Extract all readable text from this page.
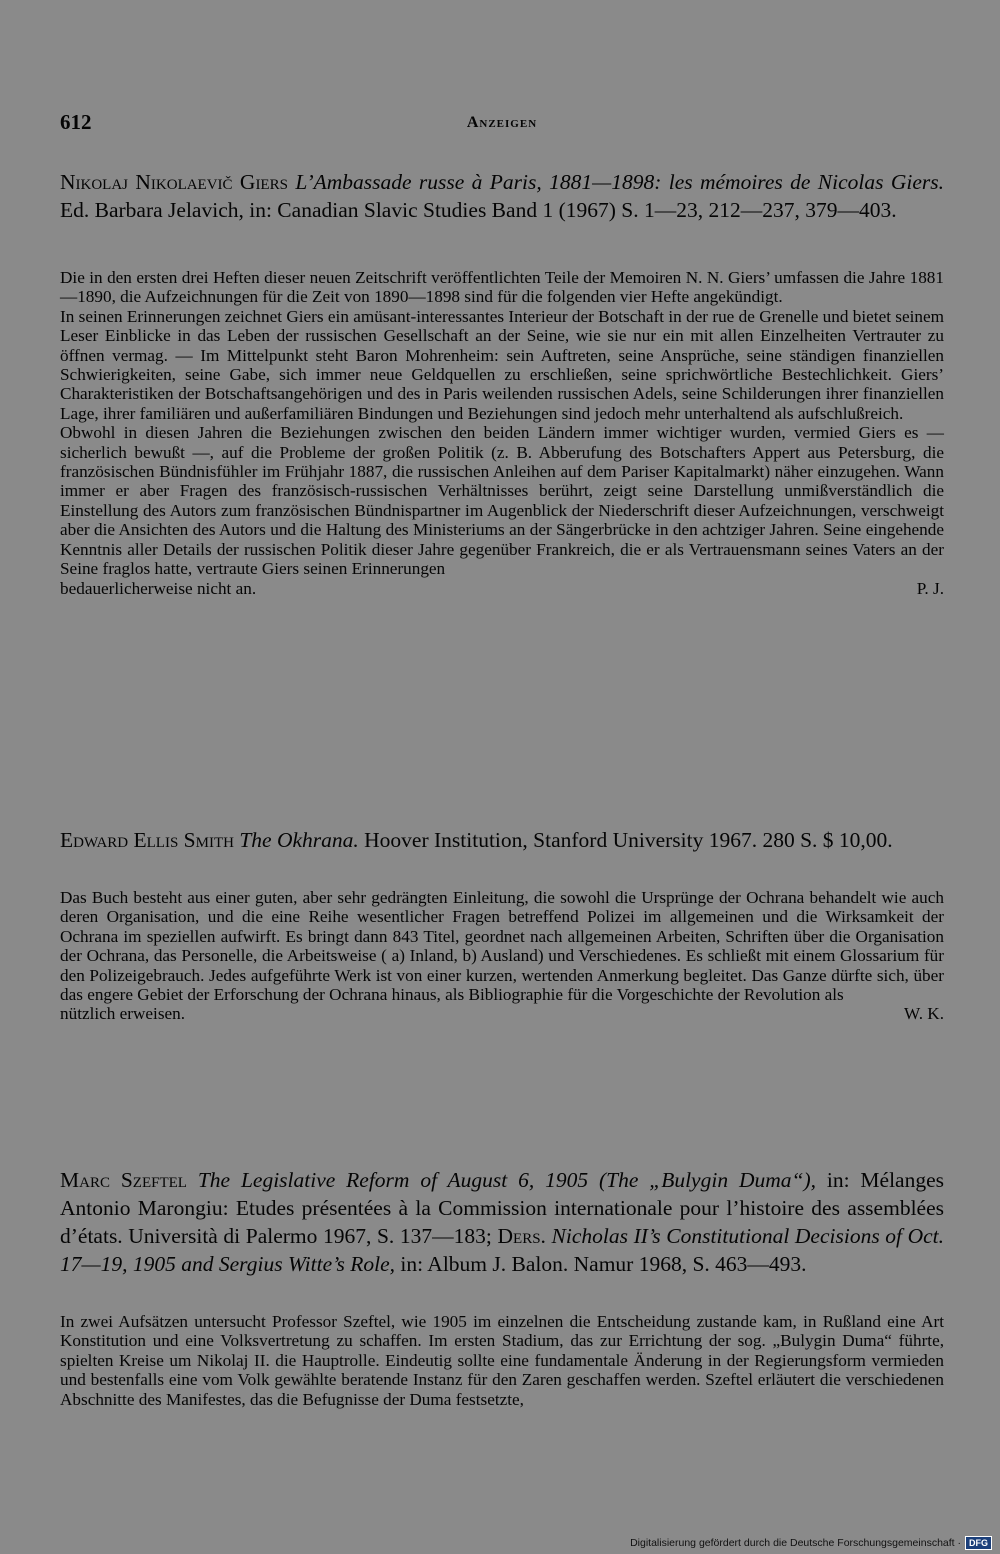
612	Anzeigen

Nikolaj Nikolaevič Giers L’Ambassade russe à Paris, 1881—1898: les mémoires de Nicolas Giers. Ed. Barbara Jelavich, in: Canadian Slavic Studies Band 1 (1967) S. 1—23, 212—237, 379—403.

Die in den ersten drei Heften dieser neuen Zeitschrift veröffentlichten Teile der Memoiren N. N. Giers’ umfassen die Jahre 1881—1890, die Aufzeichnungen für die Zeit von 1890—1898 sind für die folgenden vier Hefte angekündigt.

In seinen Erinnerungen zeichnet Giers ein amüsant-interessantes Interieur der Botschaft in der rue de Grenelle und bietet seinem Leser Einblicke in das Leben der russischen Gesellschaft an der Seine, wie sie nur ein mit allen Einzelheiten Vertrauter zu öffnen vermag. — Im Mittelpunkt steht Baron Mohrenheim: sein Auftreten, seine Ansprüche, seine ständigen finanziellen Schwierigkeiten, seine Gabe, sich immer neue Geldquellen zu erschließen, seine sprichwörtliche Bestechlichkeit. Giers’ Charakteristiken der Botschaftsangehörigen und des in Paris weilenden russischen Adels, seine Schilderungen ihrer finanziellen Lage, ihrer familiären und außerfamiliären Bindungen und Beziehungen sind jedoch mehr unterhaltend als aufschlußreich.

Obwohl in diesen Jahren die Beziehungen zwischen den beiden Ländern immer wichtiger wurden, vermied Giers es — sicherlich bewußt —, auf die Probleme der großen Politik (z. B. Abberufung des Botschafters Appert aus Petersburg, die französischen Bündnisfühler im Frühjahr 1887, die russischen Anleihen auf dem Pariser Kapitalmarkt) näher einzugehen. Wann immer er aber Fragen des französisch-russischen Verhältnisses berührt, zeigt seine Darstellung unmißverständlich die Einstellung des Autors zum französischen Bündnispartner im Augenblick der Niederschrift dieser Aufzeichnungen, verschweigt aber die Ansichten des Autors und die Haltung des Ministeriums an der Sängerbrücke in den achtziger Jahren. Seine eingehende Kenntnis aller Details der russischen Politik dieser Jahre gegenüber Frankreich, die er als Vertrauensmann seines Vaters an der Seine fraglos hatte, vertraute Giers seinen Erinnerungen

bedauerlicherweise nicht an.	P. J.

Edward Ellis Smith The Okhrana. Hoover Institution, Stanford University 1967. 280 S. $ 10,00.

Das Buch besteht aus einer guten, aber sehr gedrängten Einleitung, die sowohl die Ursprünge der Ochrana behandelt wie auch deren Organisation, und die eine Reihe wesentlicher Fragen betreffend Polizei im allgemeinen und die Wirksamkeit der Ochrana im speziellen aufwirft. Es bringt dann 843 Titel, geordnet nach allgemeinen Arbeiten, Schriften über die Organisation der Ochrana, das Personelle, die Arbeitsweise ( a) Inland, b) Ausland) und Verschiedenes. Es schließt mit einem Glossarium für den Polizeigebrauch. Jedes aufgeführte Werk ist von einer kurzen, wertenden Anmerkung begleitet. Das Ganze dürfte sich, über das engere Gebiet der Erforschung der Ochrana hinaus, als Bibliographie für die Vorgeschichte der Revolution als

nützlich erweisen.	W. K.

Marc Szeftel The Legislative Reform of August 6, 1905 (The „Bulygin Duma“), in: Mélanges Antonio Marongiu: Etudes présentées à la Commission internationale pour l’histoire des assemblées d’états. Università di Palermo 1967, S. 137—183; Ders. Nicholas II’s Constitutional Decisions of Oct. 17—19, 1905 and Sergius Witte’s Role, in: Album J. Balon. Namur 1968, S. 463—493.

In zwei Aufsätzen untersucht Professor Szeftel, wie 1905 im einzelnen die Entscheidung zustande kam, in Rußland eine Art Konstitution und eine Volksvertretung zu schaffen. Im ersten Stadium, das zur Errichtung der sog. „Bulygin Duma“ führte, spielten Kreise um Nikolaj II. die Hauptrolle. Eindeutig sollte eine fundamentale Änderung in der Regierungsform vermieden und bestenfalls eine vom Volk gewählte beratende Instanz für den Zaren geschaffen werden. Szeftel erläutert die verschiedenen Abschnitte des Manifestes, das die Befugnisse der Duma festsetzte,

Digitalisierung gefördert durch die Deutsche Forschungsgemeinschaft · DFG
